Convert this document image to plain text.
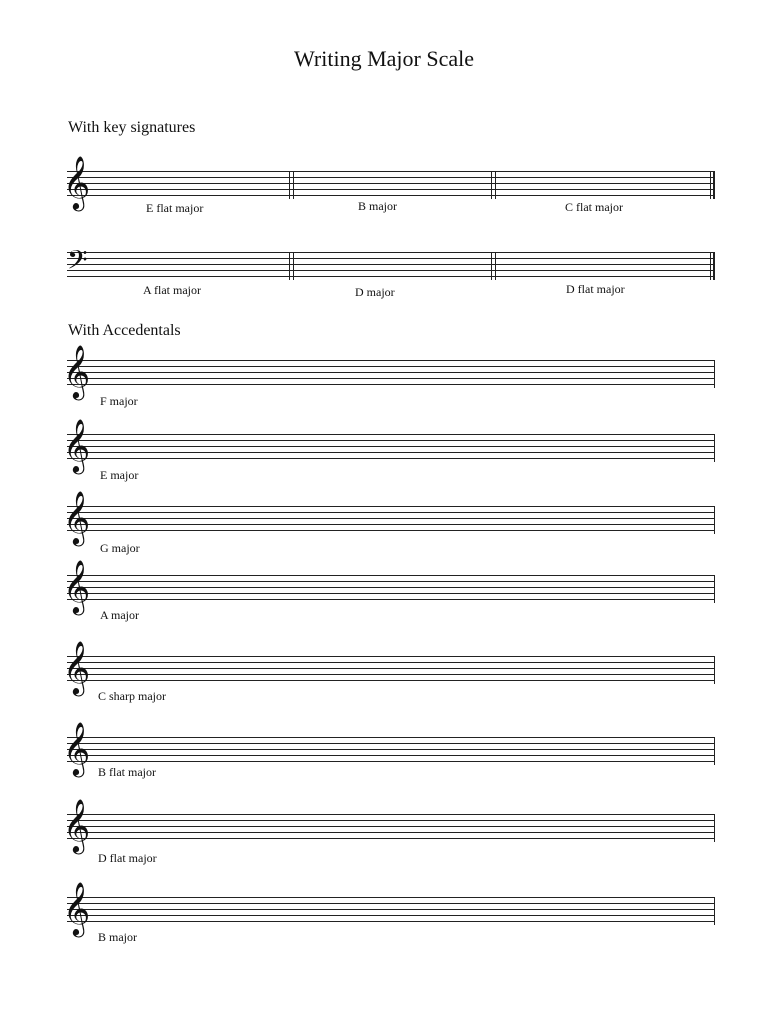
Writing Major Scale
With key signatures
𝄞	E flat major	B major	C flat major
𝄢
A flat major	D major	D flat major
With Accedentals
𝄞
F major
𝄞
E major
𝄞
G major
𝄞
A major
𝄞
C sharp major
𝄞 B flat major
𝄞
D flat major
𝄞
B major
